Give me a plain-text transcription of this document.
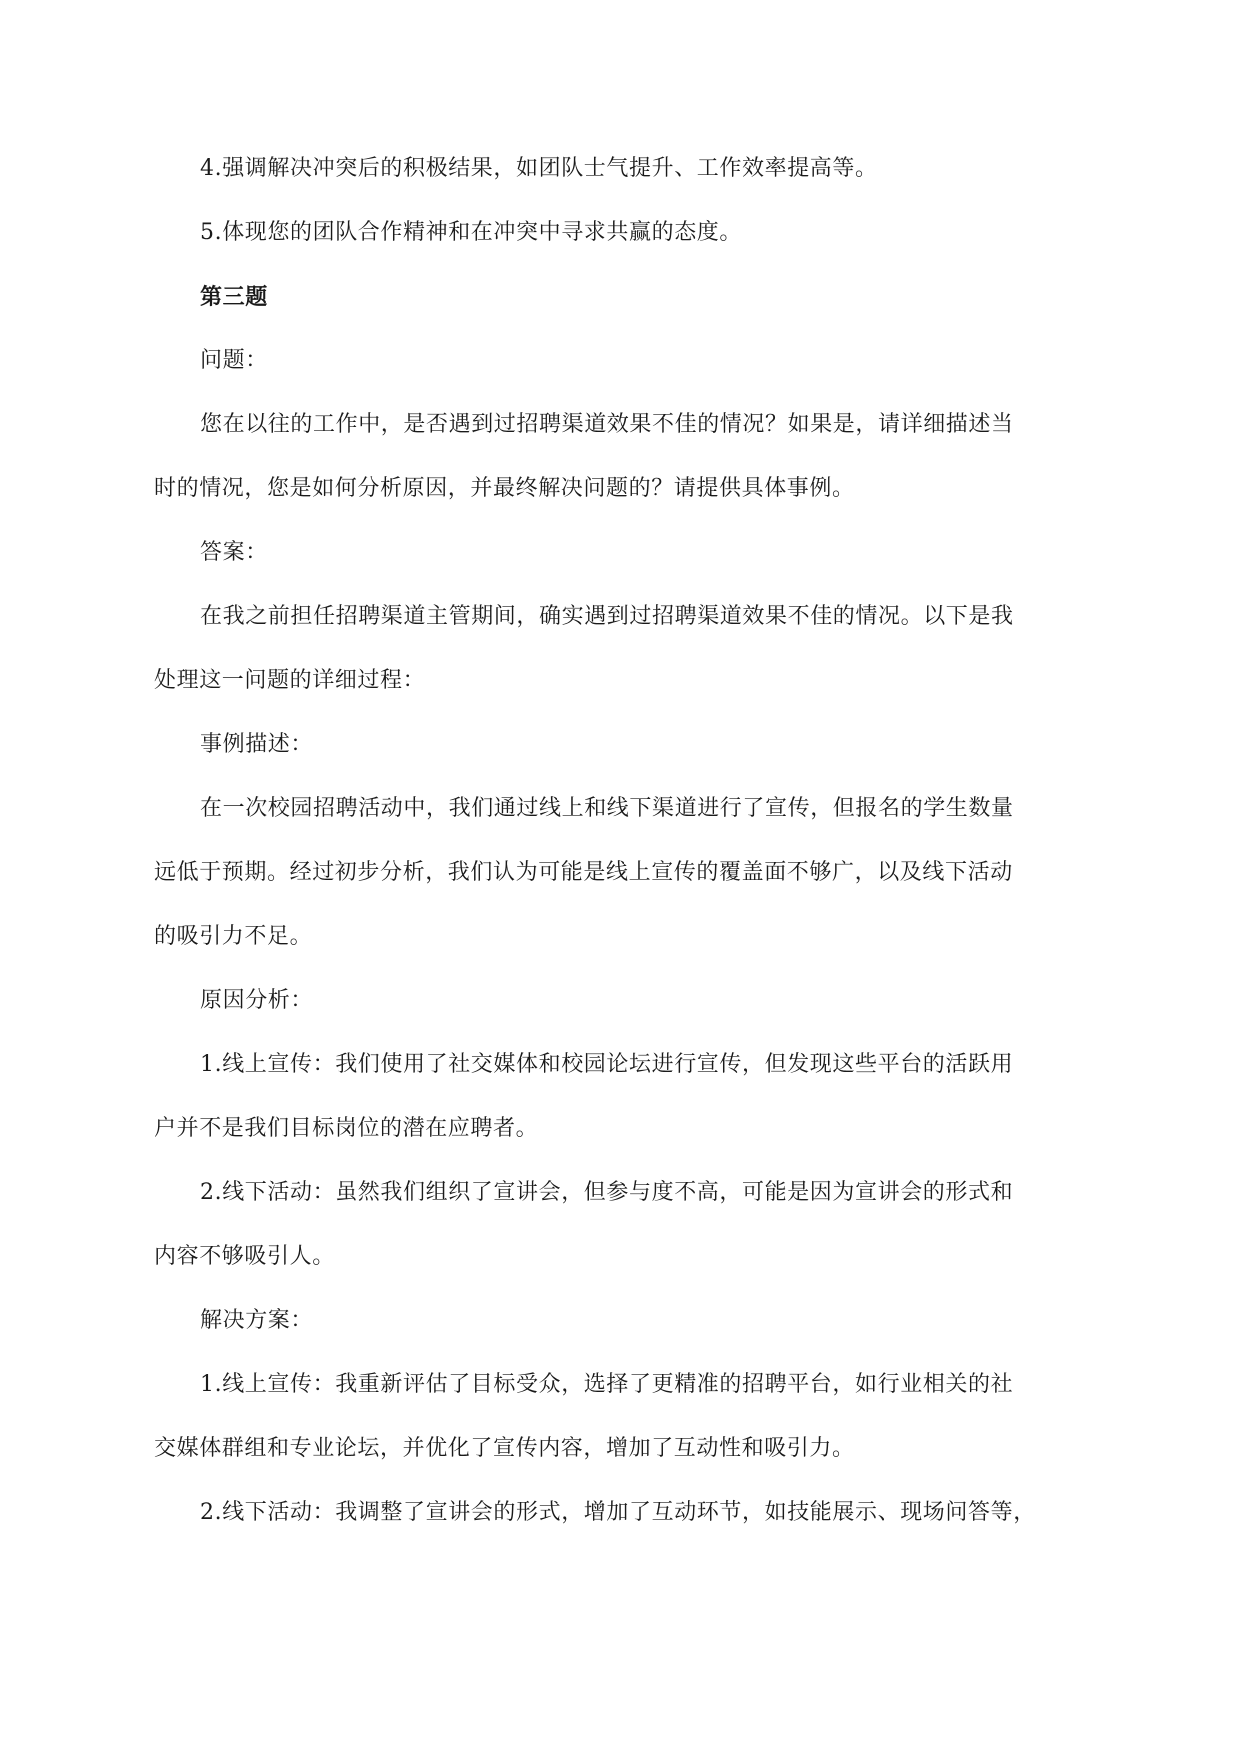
4.强调解决冲突后的积极结果，如团队士气提升、工作效率提高等。
5.体现您的团队合作精神和在冲突中寻求共赢的态度。
第三题
问题：
您在以往的工作中，是否遇到过招聘渠道效果不佳的情况？如果是，请详细描述当
时的情况，您是如何分析原因，并最终解决问题的？请提供具体事例。
答案：
在我之前担任招聘渠道主管期间，确实遇到过招聘渠道效果不佳的情况。以下是我
处理这一问题的详细过程：
事例描述：
在一次校园招聘活动中，我们通过线上和线下渠道进行了宣传，但报名的学生数量
远低于预期。经过初步分析，我们认为可能是线上宣传的覆盖面不够广，以及线下活动
的吸引力不足。
原因分析：
1.线上宣传：我们使用了社交媒体和校园论坛进行宣传，但发现这些平台的活跃用
户并不是我们目标岗位的潜在应聘者。
2.线下活动：虽然我们组织了宣讲会，但参与度不高，可能是因为宣讲会的形式和
内容不够吸引人。
解决方案：
1.线上宣传：我重新评估了目标受众，选择了更精准的招聘平台，如行业相关的社
交媒体群组和专业论坛，并优化了宣传内容，增加了互动性和吸引力。
2.线下活动：我调整了宣讲会的形式，增加了互动环节，如技能展示、现场问答等，
